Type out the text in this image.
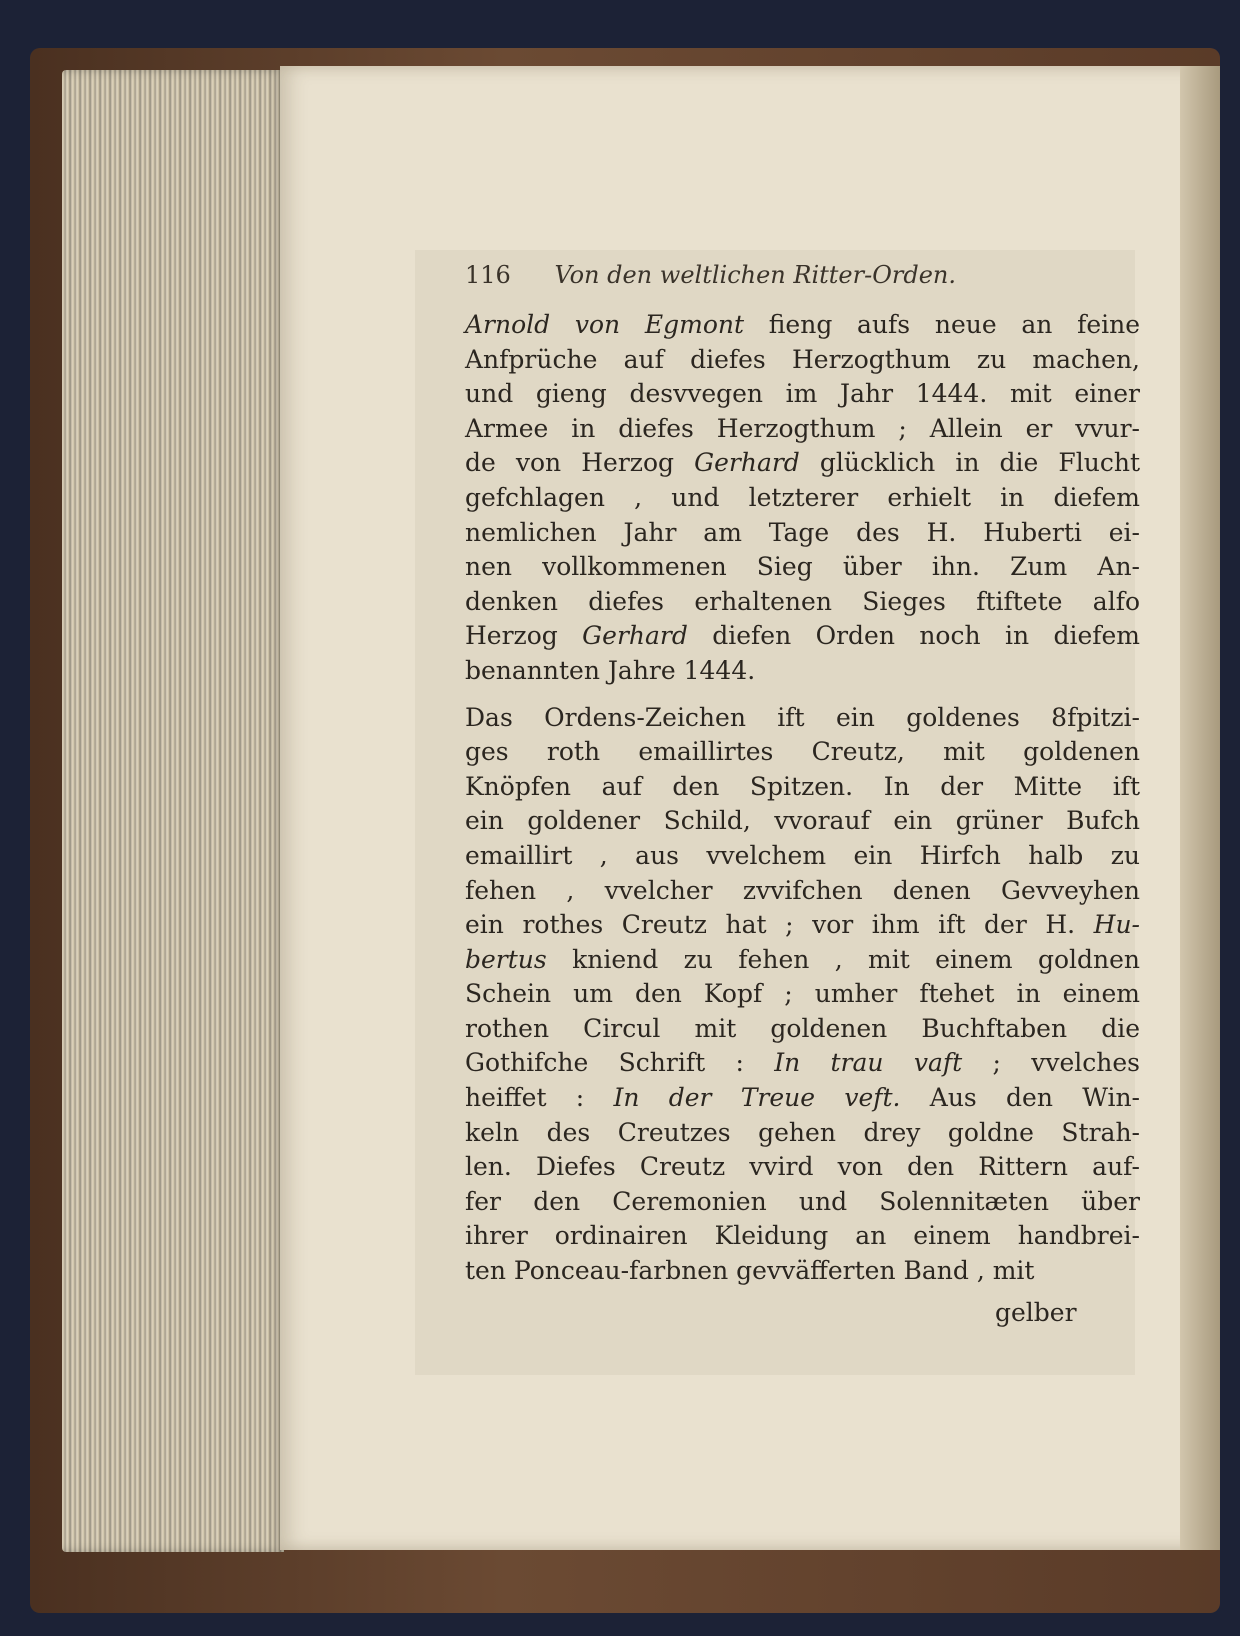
116 Von den weltlichen Ritter-Orden.
Arnold von Egmont fieng aufs neue an feine
Anfprüche auf diefes Herzogthum zu machen,
und gieng desvvegen im Jahr 1444. mit einer
Armee in diefes Herzogthum ; Allein er vvur-
de von Herzog Gerhard glücklich in die Flucht
gefchlagen , und letzterer erhielt in diefem
nemlichen Jahr am Tage des H. Huberti ei-
nen vollkommenen Sieg über ihn. Zum An-
denken diefes erhaltenen Sieges ftiftete alfo
Herzog Gerhard diefen Orden noch in diefem
benannten Jahre 1444.
Das Ordens-Zeichen ift ein goldenes 8fpitzi-
ges roth emaillirtes Creutz, mit goldenen
Knöpfen auf den Spitzen. In der Mitte ift
ein goldener Schild, vvorauf ein grüner Bufch
emaillirt , aus vvelchem ein Hirfch halb zu
fehen , vvelcher zvvifchen denen Gevveyhen
ein rothes Creutz hat ; vor ihm ift der H. Hu-
bertus kniend zu fehen , mit einem goldnen
Schein um den Kopf ; umher ftehet in einem
rothen Circul mit goldenen Buchftaben die
Gothifche Schrift : In trau vaft ; vvelches
heiffet : In der Treue veft. Aus den Win-
keln des Creutzes gehen drey goldne Strah-
len. Diefes Creutz vvird von den Rittern auf-
fer den Ceremonien und Solennitæten über
ihrer ordinairen Kleidung an einem handbrei-
ten Ponceau-farbnen gevväfferten Band , mit
gelber
